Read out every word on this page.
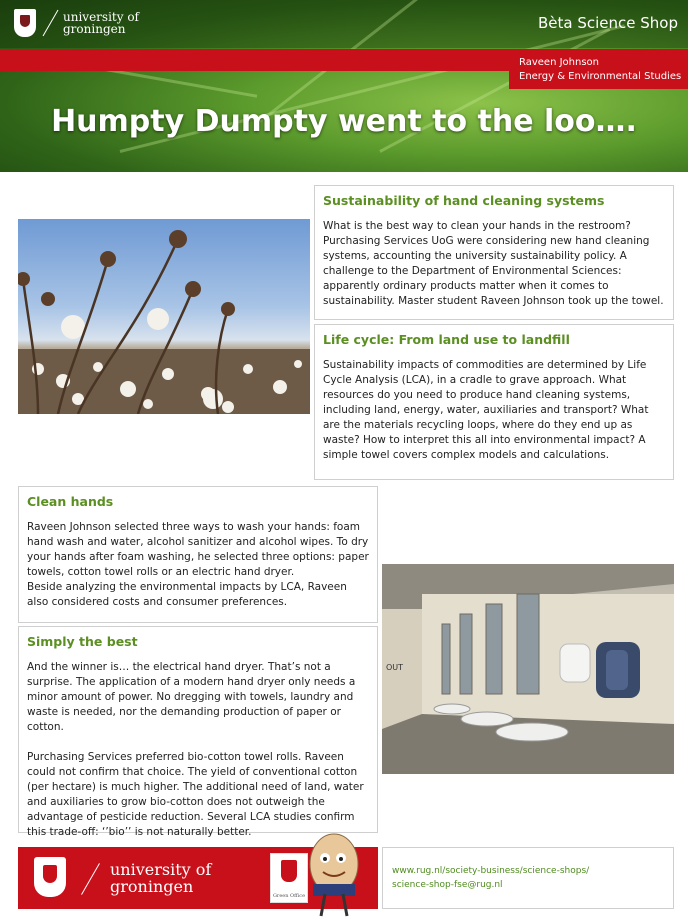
university of
groningen	Bèta Science Shop
Raveen Johnson
Energy & Environmental Studies
Humpty Dumpty went to the loo….
Sustainability of hand cleaning systems

What is the best way to clean your hands in the restroom? Purchasing Services UoG were considering new hand cleaning systems, accounting the university sustainability policy. A challenge to the Department of Environmental Sciences: apparently ordinary products matter when it comes to sustainability. Master student Raveen Johnson took up the towel.

Life cycle: From land use to landfill

Sustainability impacts of commodities are determined by Life Cycle Analysis (LCA), in a cradle to grave approach. What resources do you need to produce hand cleaning systems, including land, energy, water, auxiliaries and transport? What are the materials recycling loops, where do they end up as waste? How to interpret this all into environmental impact? A simple towel covers complex models and calculations.

Clean hands

Raveen Johnson selected three ways to wash your hands: foam hand wash and water, alcohol sanitizer and alcohol wipes. To dry your hands after foam washing, he selected three options: paper towels, cotton towel rolls or an electric hand dryer.

Beside analyzing the environmental impacts by LCA, Raveen also considered costs and consumer preferences.

Simply the best

And the winner is… the electrical hand dryer. That’s not a surprise. The application of a modern hand dryer only needs a minor amount of power. No dregging with towels, laundry and waste is needed, nor the demanding production of paper or cotton.

Purchasing Services preferred bio-cotton towel rolls. Raveen could not confirm that choice. The yield of conventional cotton (per hectare) is much higher. The additional need of land, water and auxiliaries to grow bio-cotton does not outweigh the advantage of pesticide reduction. Several LCA studies confirm this trade-off: ‘’bio’’ is not naturally better.

OUT
university of
groningen	Green Office
www.rug.nl/society-business/science-shops/
science-shop-fse@rug.nl
